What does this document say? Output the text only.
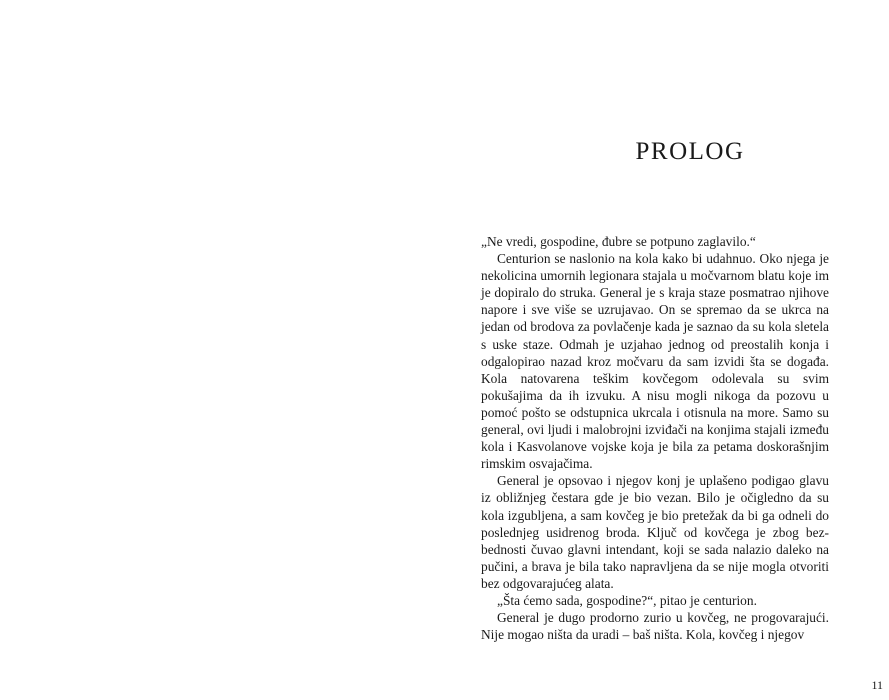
PROLOG

„Ne vredi, gospodine, đubre se potpuno zaglavilo.“

Centurion se naslonio na kola kako bi udahnuo. Oko njega je nekolicina umornih legionara stajala u močvarnom blatu koje im je dopiralo do struka. General je s kraja staze posmatrao njihove napore i sve više se uzrujavao. On se spremao da se ukrca na jedan od brodova za povlačenje kada je saznao da su kola sletela s uske staze. Odmah je uzjahao jednog od preostalih konja i odgalopirao nazad kroz močvaru da sam izvidi šta se događa. Kola natovarena teškim kovčegom odolevala su svim pokušajima da ih izvuku. A nisu mogli nikoga da pozovu u pomoć pošto se odstupnica ukrcala i otisnula na more. Samo su general, ovi ljudi i malobrojni izviđači na konjima stajali između kola i Kasvolanove vojske koja je bila za petama doskorašnjim rimskim osvajačima.

General je opsovao i njegov konj je uplašeno podigao glavu iz obližnjeg čestara gde je bio vezan. Bilo je očigledno da su kola izgubljena, a sam kovčeg je bio pretežak da bi ga odneli do poslednjeg usidrenog broda. Ključ od kovčega je zbog bezbednosti čuvao glavni intendant, koji se sada nalazio daleko na pučini, a brava je bila tako napravljena da se nije mogla otvoriti bez odgovarajućeg alata.

„Šta ćemo sada, gospodine?“, pitao je centurion.

General je dugo prodorno zurio u kovčeg, ne progovarajući. Nije mogao ništa da uradi – baš ništa. Kola, kovčeg i njegov

11
